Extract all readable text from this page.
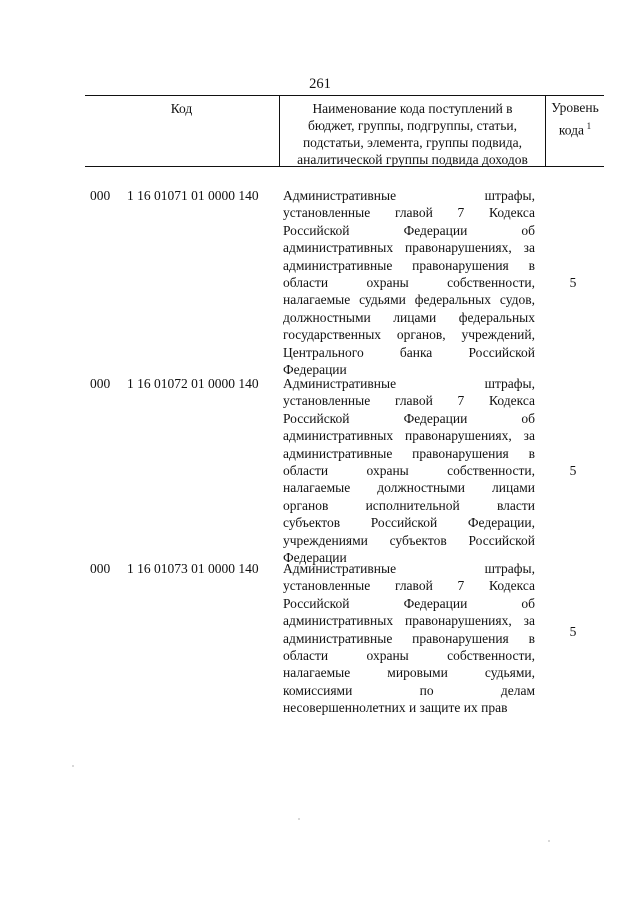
261
Код	Наименование кода поступлений в
бюджет, группы, подгруппы, статьи,
подстатьи, элемента, группы подвида,
аналитической группы подвида доходов
Уровень
кода  $^1$
000 1 16 01071 01 0000 140 Административные штрафы,
установленные главой 7 Кодекса
Российской Федерации об
административных правонарушениях, за
административные правонарушения в
области охраны собственности,
налагаемые судьями федеральных судов,
должностными лицами федеральных
государственных органов, учреждений,
Центрального банка Российской
Федерации
5
000 1 16 01072 01 0000 140 Административные штрафы,
установленные главой 7 Кодекса
Российской Федерации об
административных правонарушениях, за
административные правонарушения в
области охраны собственности,
налагаемые должностными лицами
органов исполнительной власти
субъектов Российской Федерации,
учреждениями субъектов Российской
Федерации
5
000 1 16 01073 01 0000 140 Административные штрафы,
установленные главой 7 Кодекса
Российской Федерации об
административных правонарушениях, за
административные правонарушения в
области охраны собственности,
налагаемые мировыми судьями,
комиссиями по делам
несовершеннолетних и защите их прав
5
